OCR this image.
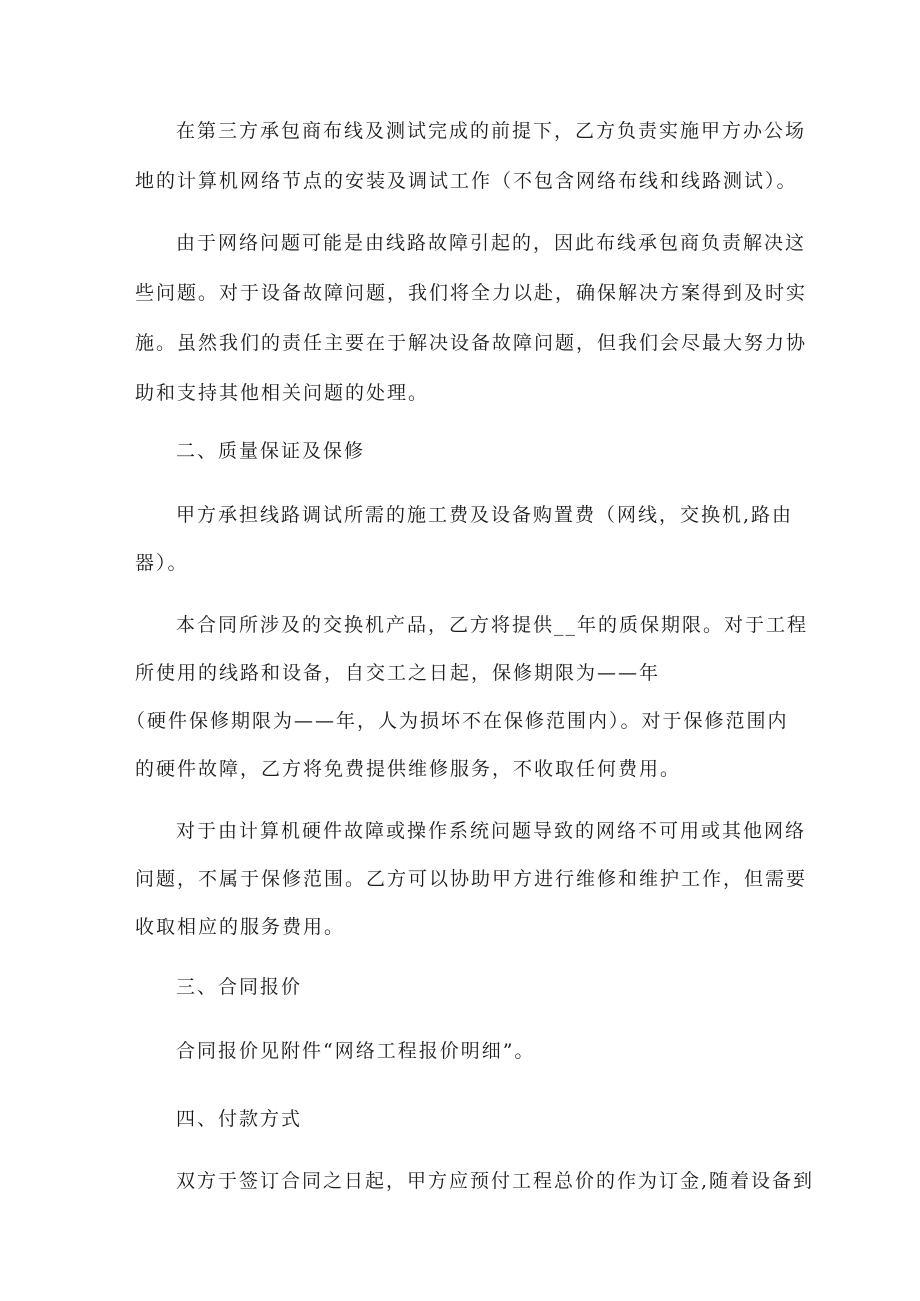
在第三方承包商布线及测试完成的前提下，乙方负责实施甲方办公场
地的计算机网络节点的安装及调试工作（不包含网络布线和线路测试）。
由于网络问题可能是由线路故障引起的，因此布线承包商负责解决这
些问题。对于设备故障问题，我们将全力以赴，确保解决方案得到及时实
施。虽然我们的责任主要在于解决设备故障问题，但我们会尽最大努力协
助和支持其他相关问题的处理。
二、质量保证及保修
甲方承担线路调试所需的施工费及设备购置费（网线，交换机,路由
器）。
本合同所涉及的交换机产品，乙方将提供__年的质保期限。对于工程
所使用的线路和设备，自交工之日起，保修期限为——年
（硬件保修期限为——年，人为损坏不在保修范围内）。对于保修范围内
的硬件故障，乙方将免费提供维修服务，不收取任何费用。
对于由计算机硬件故障或操作系统问题导致的网络不可用或其他网络
问题，不属于保修范围。乙方可以协助甲方进行维修和维护工作，但需要
收取相应的服务费用。
三、合同报价
合同报价见附件“网络工程报价明细”。
四、付款方式
双方于签订合同之日起，甲方应预付工程总价的作为订金,随着设备到
